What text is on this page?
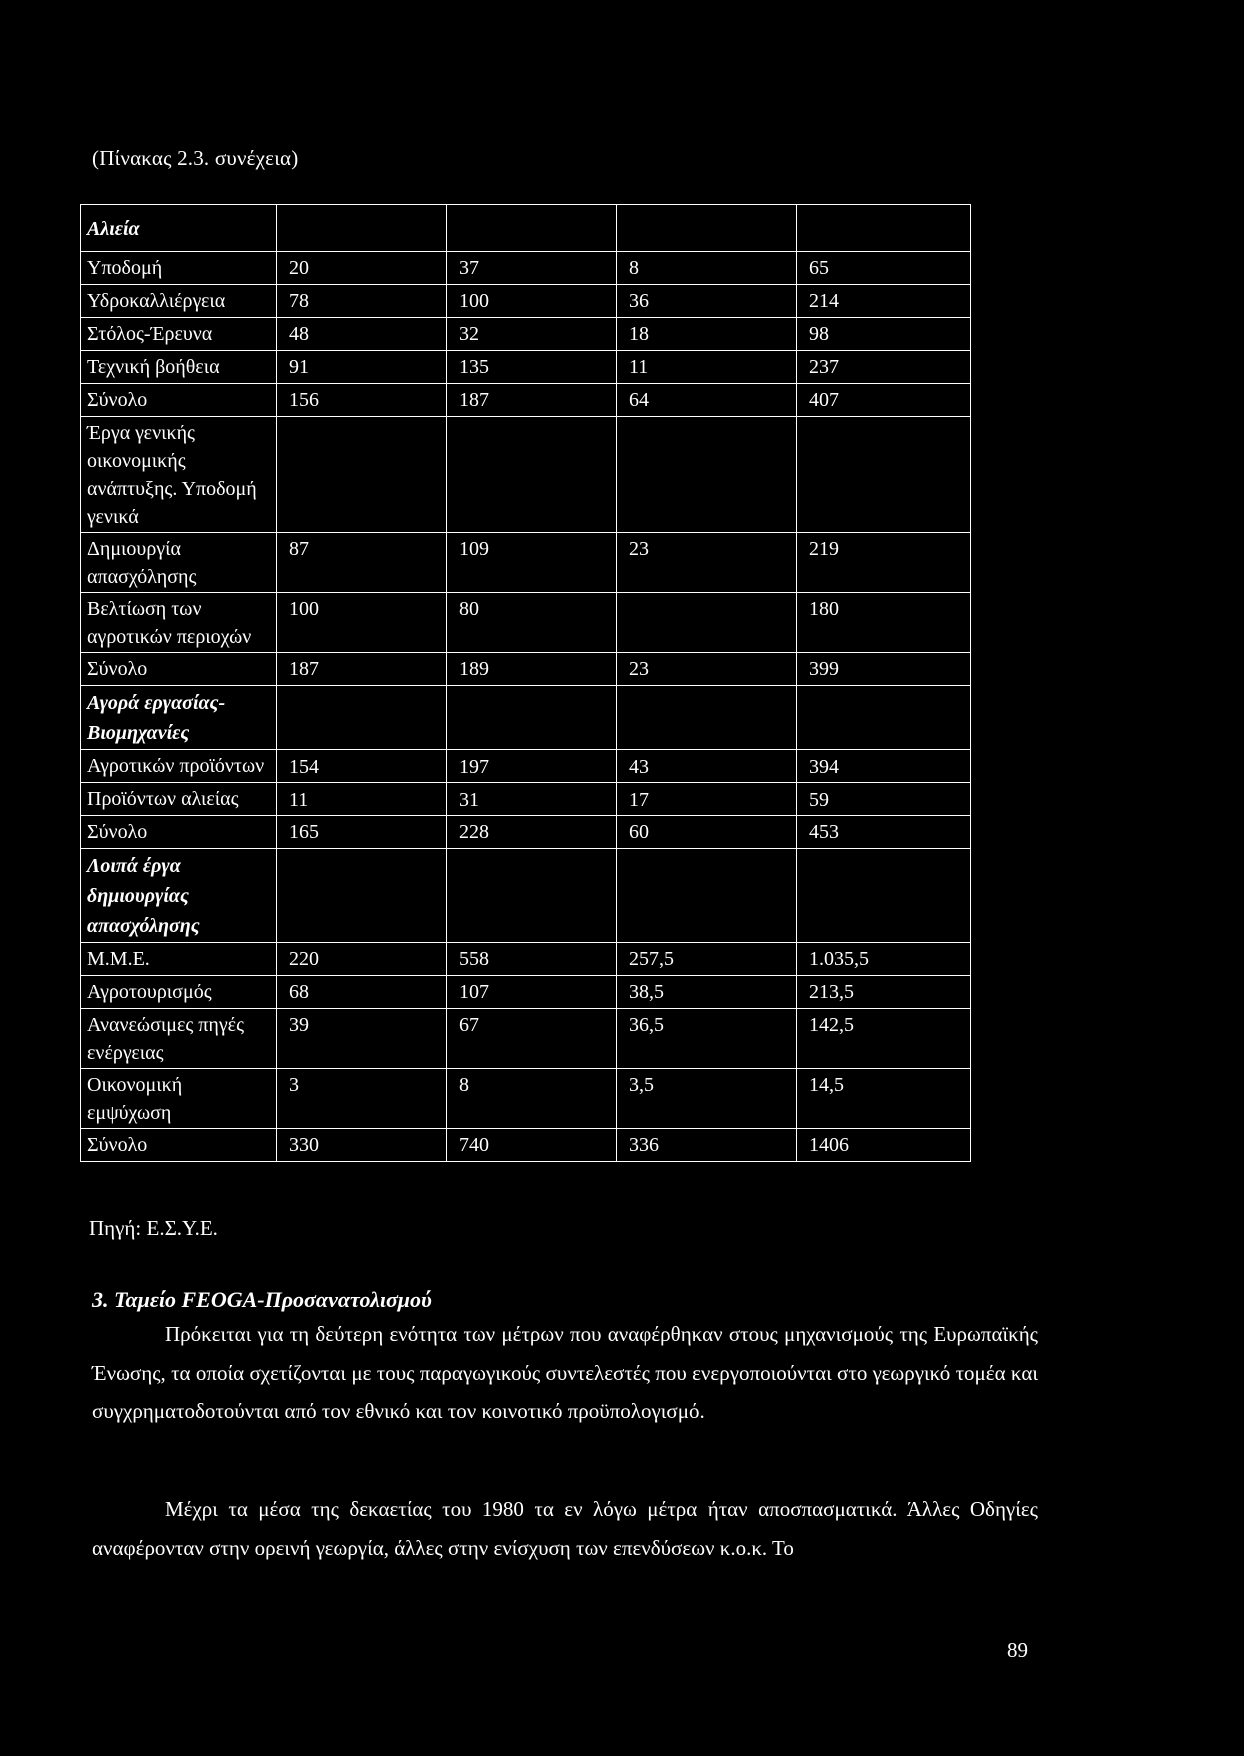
(Πίνακας 2.3. συνέχεια)
Αλιεία				
Υποδομή	20	37	8	65
Υδροκαλλιέργεια	78	100	36	214
Στόλος-Έρευνα	48	32	18	98
Τεχνική βοήθεια	91	135	11	237
Σύνολο	156	187	64	407
Έργα γενικής οικονομικής ανάπτυξης. Υποδομή γενικά				
Δημιουργία απασχόλησης	87	109	23	219
Βελτίωση των αγροτικών περιοχών	100	80		180
Σύνολο	187	189	23	399
Αγορά εργασίας-Βιομηχανίες				
Αγροτικών προϊόντων	154	197	43	394
Προϊόντων αλιείας	11	31	17	59
Σύνολο	165	228	60	453
Λοιπά έργα δημιουργίας απασχόλησης				
Μ.Μ.Ε.	220	558	257,5	1.035,5
Αγροτουρισμός	68	107	38,5	213,5
Ανανεώσιμες πηγές ενέργειας	39	67	36,5	142,5
Οικονομική εμψύχωση	3	8	3,5	14,5
Σύνολο	330	740	336	1406
Πηγή: Ε.Σ.Υ.Ε.
3. Ταμείο FEOGA-Προσανατολισμού

Πρόκειται για τη δεύτερη ενότητα των μέτρων που αναφέρθηκαν στους μηχανισμούς της Ευρωπαϊκής Ένωσης, τα οποία σχετίζονται με τους παραγωγικούς συντελεστές που ενεργοποιούνται στο γεωργικό τομέα και συγχρηματοδοτούνται από τον εθνικό και τον κοινοτικό προϋπολογισμό.

Μέχρι τα μέσα της δεκαετίας του 1980 τα εν λόγω μέτρα ήταν αποσπασματικά. Άλλες Οδηγίες αναφέρονταν στην ορεινή γεωργία, άλλες στην ενίσχυση των επενδύσεων κ.ο.κ. Το

89
